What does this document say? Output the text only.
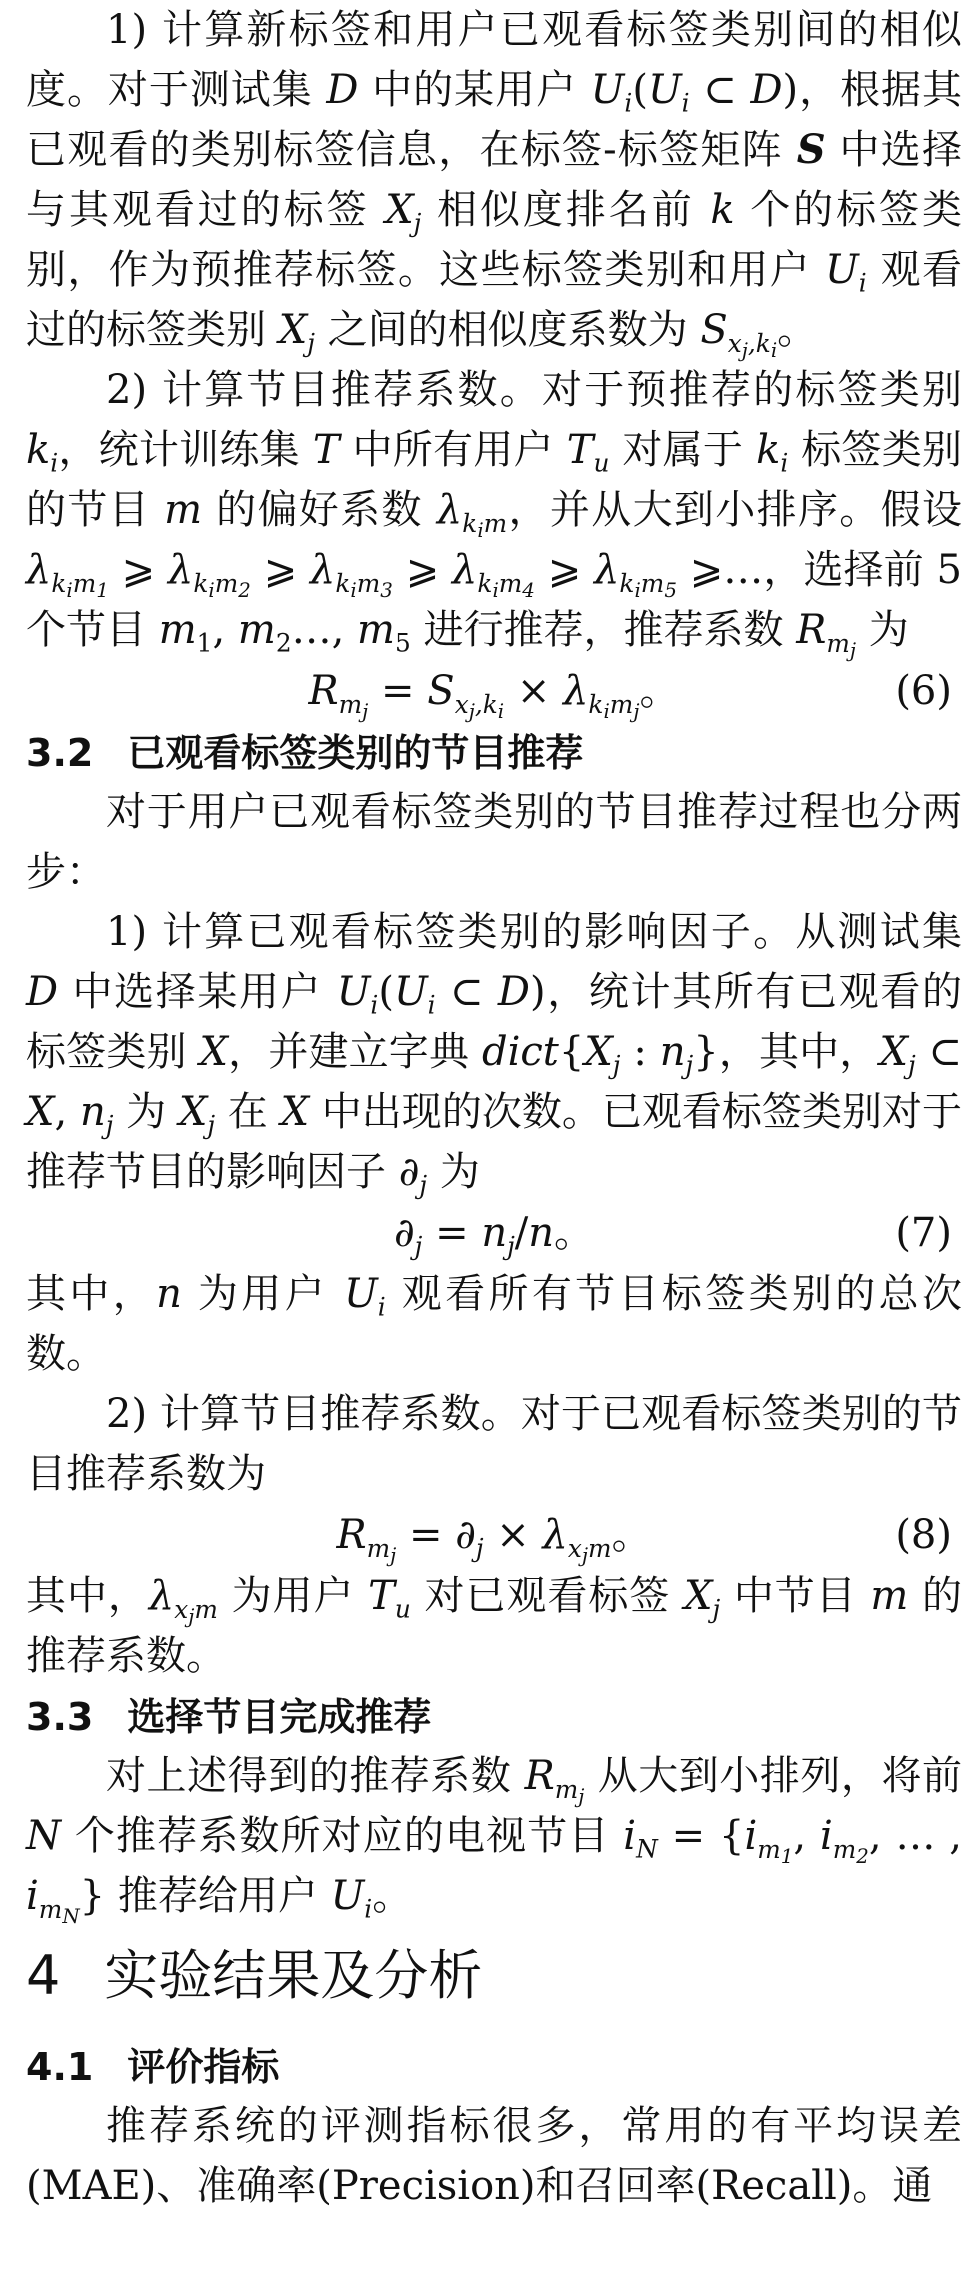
1) 计算新标签和用户已观看标签类别间的相似度。对于测试集 D 中的某用户 $U_i(U_i$ ⊂ D)，根据其已观看的类别标签信息，在标签-标签矩阵 S 中选择与其观看过的标签 $X_j$ 相似度排名前 k 个的标签类别，作为预推荐标签。这些标签类别和用户 $U_i$ 观看过的标签类别 $X_j$ 之间的相似度系数为 $S_{x_j,k_i}$。

2) 计算节目推荐系数。对于预推荐的标签类别 $k_i$，统计训练集 T 中所有用户 $T_u$ 对属于 $k_i$ 标签类别的节目 m 的偏好系数 $\lambda_{k_im}$，并从大到小排序。假设 $\lambda_{k_im_1}$ ⩾ $\lambda_{k_im_2}$ ⩾ $\lambda_{k_im_3}$ ⩾ $\lambda_{k_im_4}$ ⩾ $\lambda_{k_im_5}$ ⩾…，选择前 5 个节目 $m_1$, $m_2\dots$, $m_5$ 进行推荐，推荐系数 $R_{m_j}$ 为

$R_{m_j} = S_{x_j,k_i} \times \lambda_{k_im_j}$。	(6)
3.2 已观看标签类别的节目推荐

对于用户已观看标签类别的节目推荐过程也分两步：

1) 计算已观看标签类别的影响因子。从测试集 D 中选择某用户 $U_i(U_i$ ⊂ D)，统计其所有已观看的标签类别 X，并建立字典 $dict\{X_j$ : $n_j$}，其中，$X_j$ ⊂ X, $n_j$ 为 $X_j$ 在 X 中出现的次数。已观看标签类别对于推荐节目的影响因子 $\partial_j$ 为

$\partial_j = n_j/n$。	(7)

其中，n 为用户 $U_i$ 观看所有节目标签类别的总次数。

2) 计算节目推荐系数。对于已观看标签类别的节目推荐系数为

$R_{m_j} = \partial_j \times \lambda_{x_jm}$。	(8)

其中，$\lambda_{x_jm}$ 为用户 $T_u$ 对已观看标签 $X_j$ 中节目 m 的推荐系数。

3.3 选择节目完成推荐

对上述得到的推荐系数 $R_{m_j}$ 从大到小排列，将前 N 个推荐系数所对应的电视节目 $i_N = \{i_{m_1}$, $i_{m_2}$, … , $i_{m_N}$} 推荐给用户 $U_i$。

4 实验结果及分析
4.1 评价指标

推荐系统的评测指标很多，常用的有平均误差(MAE)、准确率(Precision)和召回率(Recall)。通
